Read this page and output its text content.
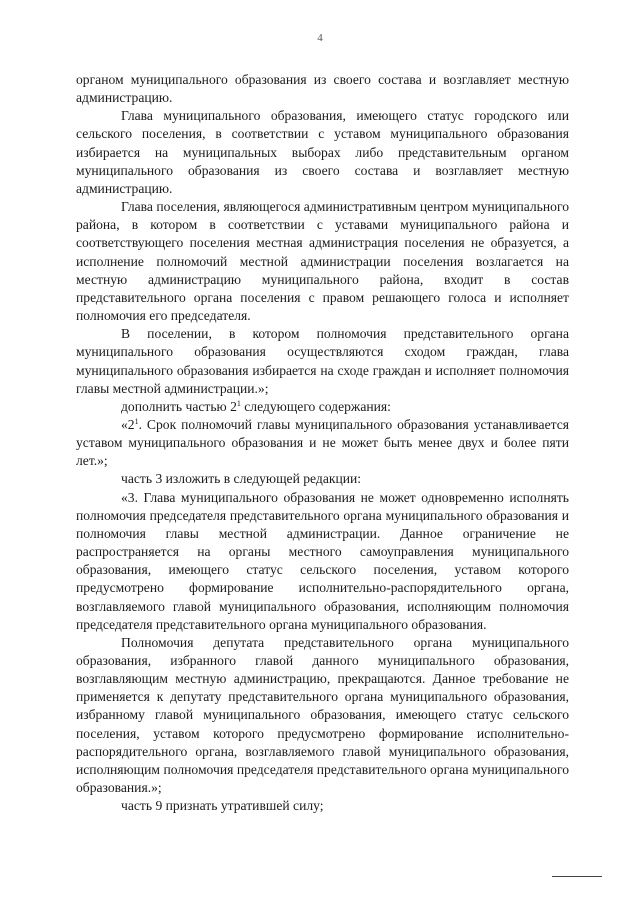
4

органом муниципального образования из своего состава и возглавляет местную администрацию.

Глава муниципального образования, имеющего статус городского или сельского поселения, в соответствии с уставом муниципального образования избирается на муниципальных выборах либо представительным органом муниципального образования из своего состава и возглавляет местную администрацию.

Глава поселения, являющегося административным центром муниципального района, в котором в соответствии с уставами муниципального района и соответствующего поселения местная администрация поселения не образуется, а исполнение полномочий местной администрации поселения возлагается на местную администрацию муниципального района, входит в состав представительного органа поселения с правом решающего голоса и исполняет полномочия его председателя.

В поселении, в котором полномочия представительного органа муниципального образования осуществляются сходом граждан, глава муниципального образования избирается на сходе граждан и исполняет полномочия главы местной администрации.»;

дополнить частью $2^1$ следующего содержания:

«$2^1$. Срок полномочий главы муниципального образования устанавливается уставом муниципального образования и не может быть менее двух и более пяти лет.»;

часть 3 изложить в следующей редакции:

«3. Глава муниципального образования не может одновременно исполнять полномочия председателя представительного органа муниципального образования и полномочия главы местной администрации. Данное ограничение не распространяется на органы местного самоуправления муниципального образования, имеющего статус сельского поселения, уставом которого предусмотрено формирование исполнительно-распорядительного органа, возглавляемого главой муниципального образования, исполняющим полномочия председателя представительного органа муниципального образования.

Полномочия депутата представительного органа муниципального образования, избранного главой данного муниципального образования, возглавляющим местную администрацию, прекращаются. Данное требование не применяется к депутату представительного органа муниципального образования, избранному главой муниципального образования, имеющего статус сельского поселения, уставом которого предусмотрено формирование исполнительно-распорядительного органа, возглавляемого главой муниципального образования, исполняющим полномочия председателя представительного органа муниципального образования.»;

часть 9 признать утратившей силу;
